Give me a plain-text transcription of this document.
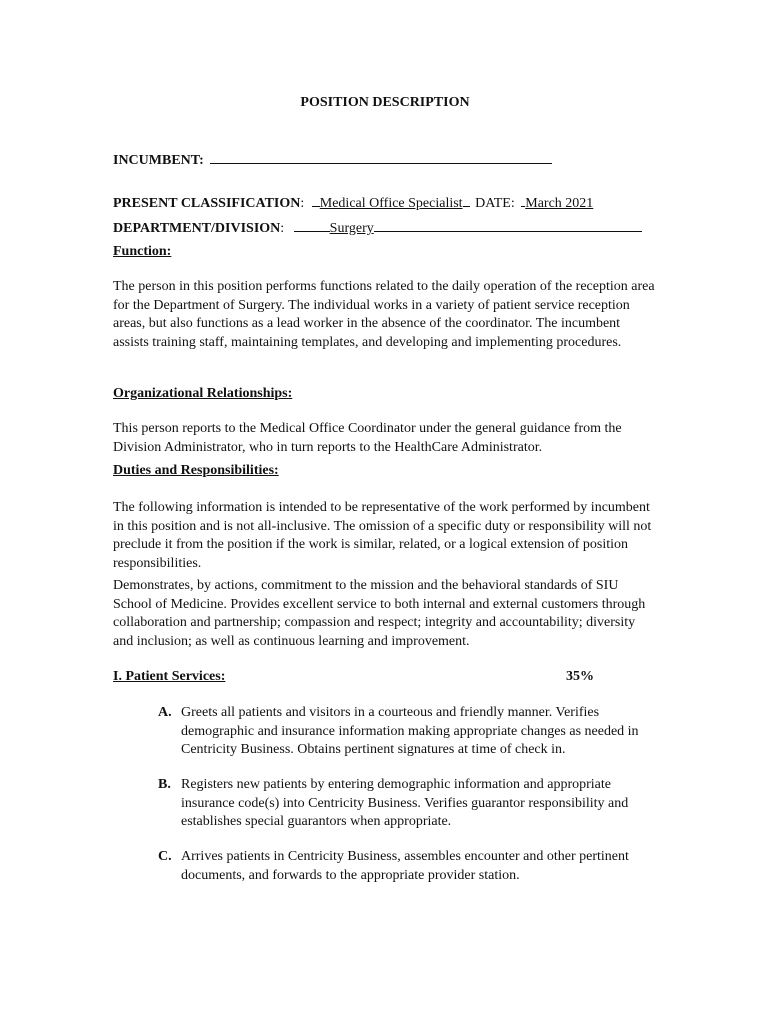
POSITION DESCRIPTION
INCUMBENT:
PRESENT CLASSIFICATION: Medical Office Specialist DATE: March 2021
DEPARTMENT/DIVISION:	Surgery
Function:
The person in this position performs functions related to the daily operation of the reception area for the Department of Surgery. The individual works in a variety of patient service reception areas, but also functions as a lead worker in the absence of the coordinator. The incumbent assists training staff, maintaining templates, and developing and implementing procedures.
Organizational Relationships:
This person reports to the Medical Office Coordinator under the general guidance from the Division Administrator, who in turn reports to the HealthCare Administrator.
Duties and Responsibilities:
The following information is intended to be representative of the work performed by incumbent in this position and is not all-inclusive. The omission of a specific duty or responsibility will not preclude it from the position if the work is similar, related, or a logical extension of position responsibilities.
Demonstrates, by actions, commitment to the mission and the behavioral standards of SIU School of Medicine. Provides excellent service to both internal and external customers through collaboration and partnership; compassion and respect; integrity and accountability; diversity and inclusion; as well as continuous learning and improvement.
I. Patient Services:	35%
A. Greets all patients and visitors in a courteous and friendly manner. Verifies demographic and insurance information making appropriate changes as needed in Centricity Business. Obtains pertinent signatures at time of check in.
B. Registers new patients by entering demographic information and appropriate insurance code(s) into Centricity Business. Verifies guarantor responsibility and establishes special guarantors when appropriate.
C. Arrives patients in Centricity Business, assembles encounter and other pertinent documents, and forwards to the appropriate provider station.
